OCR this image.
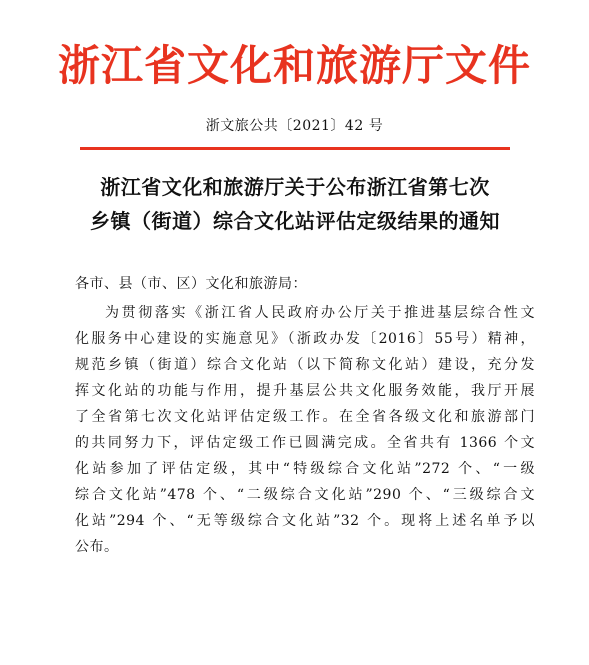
浙江省文化和旅游厅文件
浙文旅公共〔2021〕42 号
浙江省文化和旅游厅关于公布浙江省第七次
乡镇（街道）综合文化站评估定级结果的通知
各市、县（市、区）文化和旅游局：
为贯彻落实《浙江省人民政府办公厅关于推进基层综合性文
化服务中心建设的实施意见》（浙政办发〔2016〕55号）精神，
规范乡镇（街道）综合文化站（以下简称文化站）建设，充分发
挥文化站的功能与作用，提升基层公共文化服务效能，我厅开展
了全省第七次文化站评估定级工作。在全省各级文化和旅游部门
的共同努力下，评估定级工作已圆满完成。全省共有 1366 个文
化站参加了评估定级，其中“特级综合文化站”272 个、“一级
综合文化站”478 个、“二级综合文化站”290 个、“三级综合文
化站”294 个、“无等级综合文化站”32 个。现将上述名单予以
公布。
